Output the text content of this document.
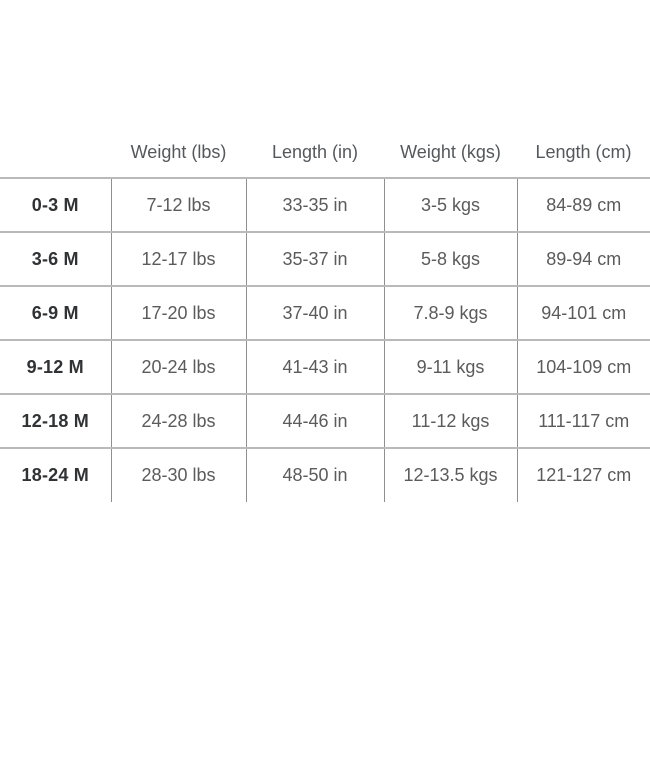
	Weight (lbs)	Length (in)	Weight (kgs)	Length (cm)
0-3 M	7-12 lbs	33-35 in	3-5 kgs	84-89 cm
3-6 M	12-17 lbs	35-37 in	5-8 kgs	89-94 cm
6-9 M	17-20 lbs	37-40 in	7.8-9 kgs	94-101 cm
9-12 M	20-24 lbs	41-43 in	9-11 kgs	104-109 cm
12-18 M	24-28 lbs	44-46 in	11-12 kgs	111-117 cm
18-24 M	28-30 lbs	48-50 in	12-13.5 kgs	121-127 cm
